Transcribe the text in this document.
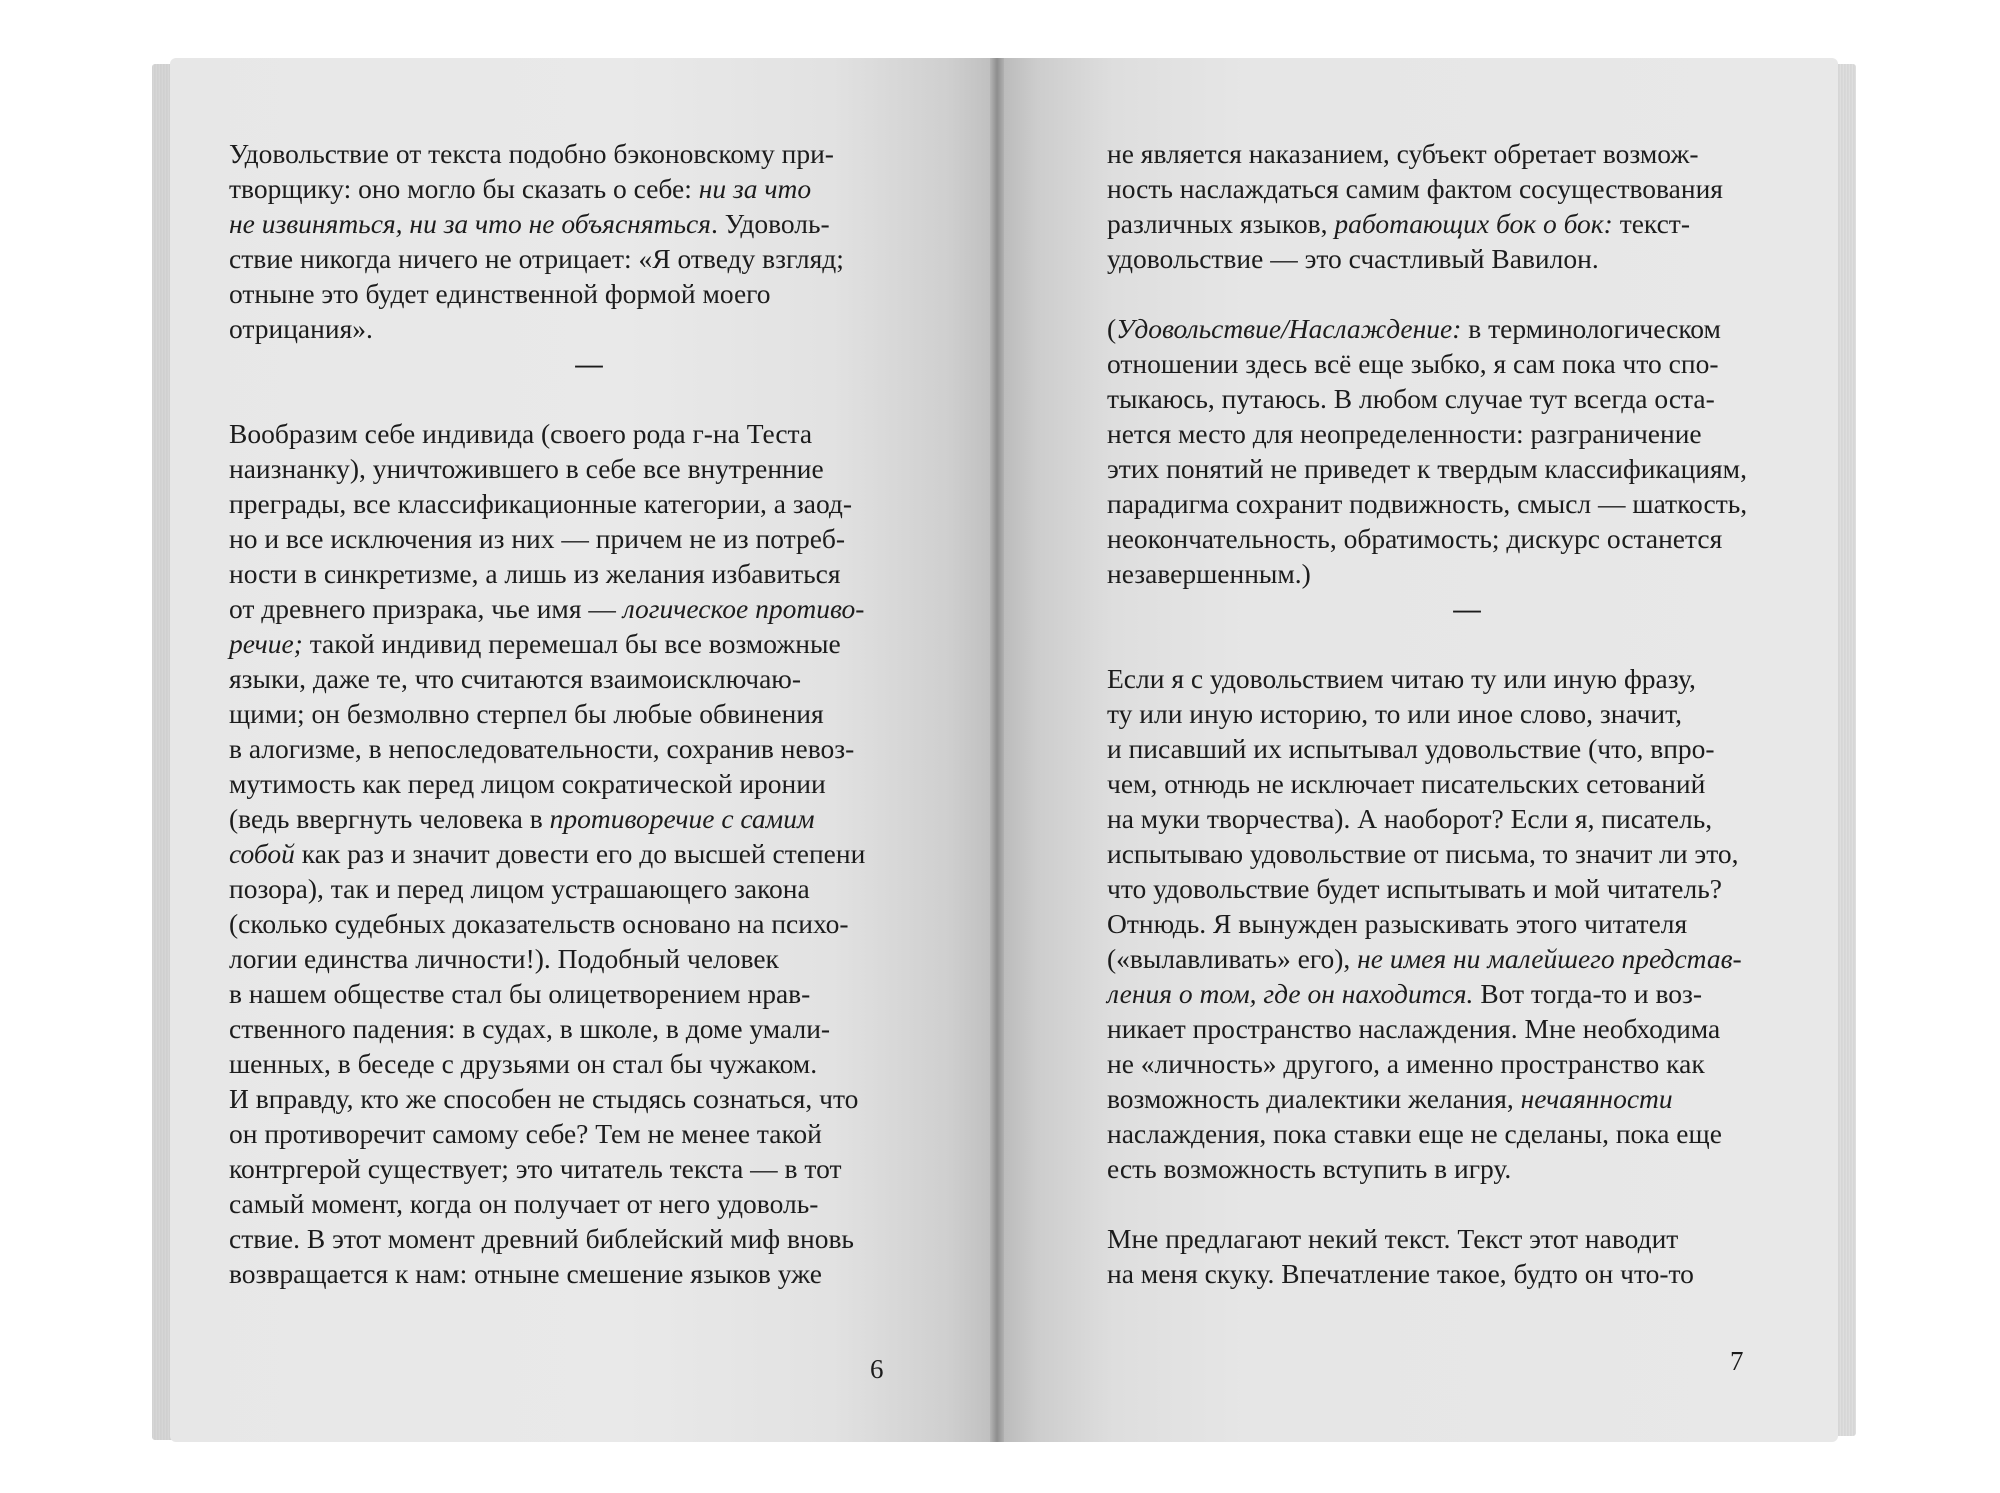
Удовольствие от текста подобно бэконовскому при-
творщику: оно могло бы сказать о себе: ни за что
не извиняться, ни за что не объясняться. Удоволь-
ствие никогда ничего не отрицает: «Я отведу взгляд;
отныне это будет единственной формой моего
отрицания».
—
Вообразим себе индивида (своего рода г-на Теста
наизнанку), уничтожившего в себе все внутренние
преграды, все классификационные категории, а заод-
но и все исключения из них — причем не из потреб-
ности в синкретизме, а лишь из желания избавиться
от древнего призрака, чье имя — логическое противо-
речие; такой индивид перемешал бы все возможные
языки, даже те, что считаются взаимоисключаю-
щими; он безмолвно стерпел бы любые обвинения
в алогизме, в непоследовательности, сохранив невоз-
мутимость как перед лицом сократической иронии
(ведь ввергнуть человека в противоречие с самим
собой как раз и значит довести его до высшей степени
позора), так и перед лицом устрашающего закона
(сколько судебных доказательств основано на психо-
логии единства личности!). Подобный человек
в нашем обществе стал бы олицетворением нрав-
ственного падения: в судах, в школе, в доме умали-
шенных, в беседе с друзьями он стал бы чужаком.
И вправду, кто же способен не стыдясь сознаться, что
он противоречит самому себе? Тем не менее такой
контргерой существует; это читатель текста — в тот
самый момент, когда он получает от него удоволь-
ствие. В этот момент древний библейский миф вновь
возвращается к нам: отныне смешение языков уже
6
не является наказанием, субъект обретает возмож-
ность наслаждаться самим фактом сосуществования
различных языков, работающих бок о бок: текст-
удовольствие — это счастливый Вавилон.
(Удовольствие/Наслаждение: в терминологическом
отношении здесь всё еще зыбко, я сам пока что спо-
тыкаюсь, путаюсь. В любом случае тут всегда оста-
нется место для неопределенности: разграничение
этих понятий не приведет к твердым классификациям,
парадигма сохранит подвижность, смысл — шаткость,
неокончательность, обратимость; дискурс останется
незавершенным.)
—
Если я с удовольствием читаю ту или иную фразу,
ту или иную историю, то или иное слово, значит,
и писавший их испытывал удовольствие (что, впро-
чем, отнюдь не исключает писательских сетований
на муки творчества). А наоборот? Если я, писатель,
испытываю удовольствие от письма, то значит ли это,
что удовольствие будет испытывать и мой читатель?
Отнюдь. Я вынужден разыскивать этого читателя
(«вылавливать» его), не имея ни малейшего представ-
ления о том, где он находится. Вот тогда-то и воз-
никает пространство наслаждения. Мне необходима
не «личность» другого, а именно пространство как
возможность диалектики желания, нечаянности
наслаждения, пока ставки еще не сделаны, пока еще
есть возможность вступить в игру.
Мне предлагают некий текст. Текст этот наводит
на меня скуку. Впечатление такое, будто он что-то
7
